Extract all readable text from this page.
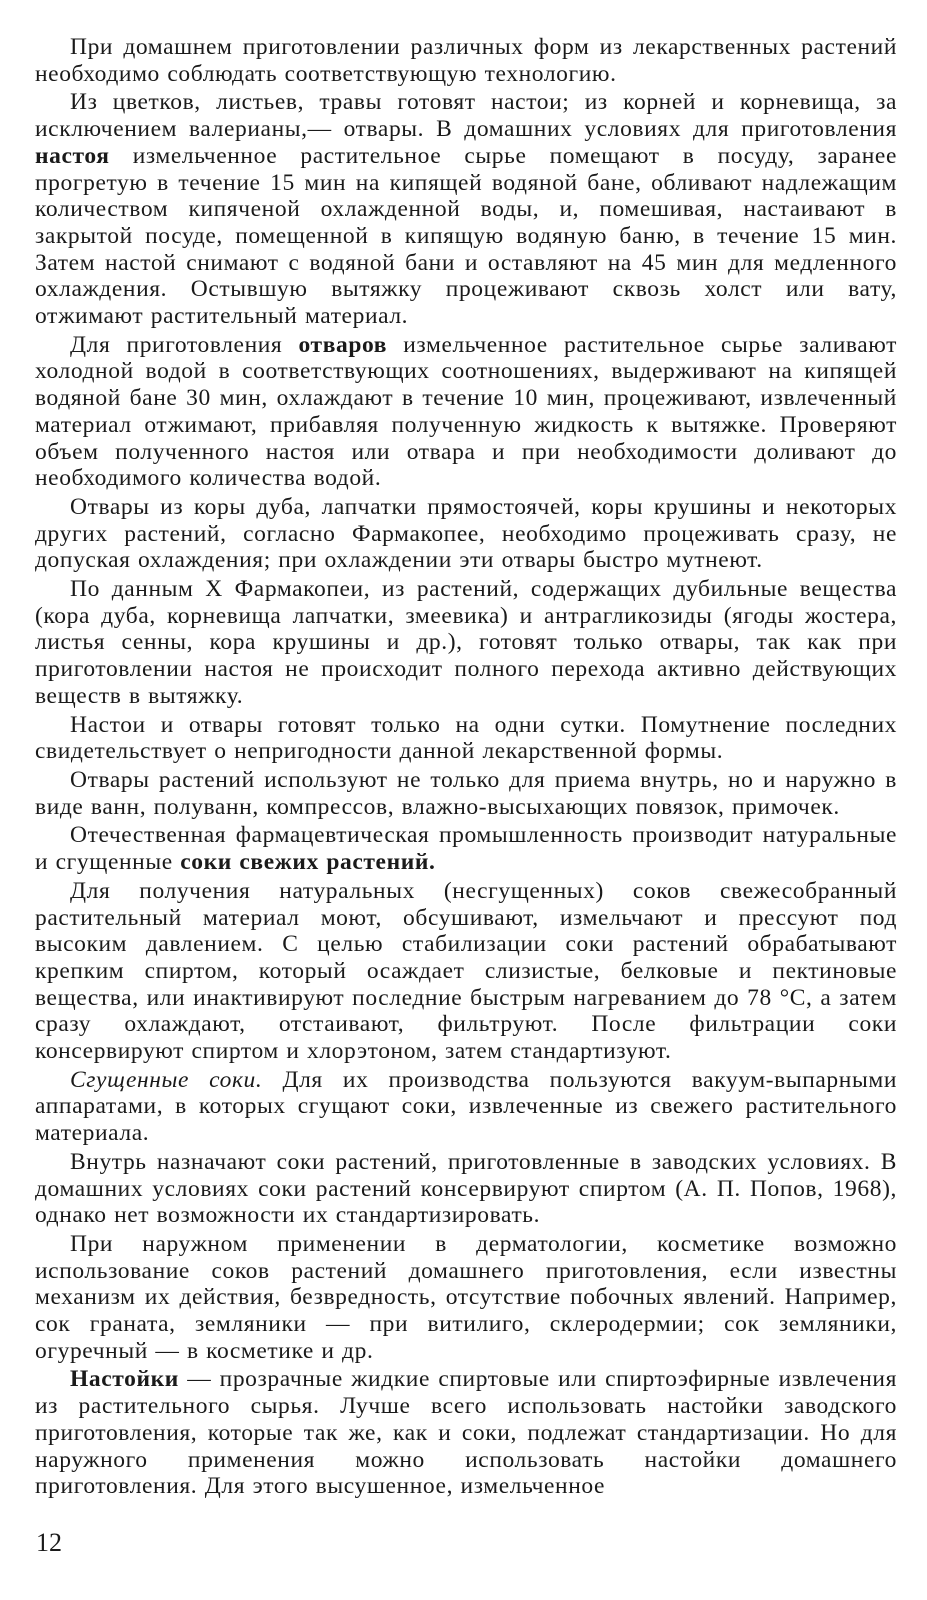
При домашнем приготовлении различных форм из лекарственных растений необходимо соблюдать соответствующую технологию.

Из цветков, листьев, травы готовят настои; из корней и корневища, за исключением валерианы,— отвары. В домашних условиях для приготовления настоя измельченное растительное сырье помещают в посуду, заранее прогретую в течение 15 мин на кипящей водяной бане, обливают надлежащим количеством кипяченой охлажденной воды, и, помешивая, настаивают в закрытой посуде, помещенной в кипящую водяную баню, в течение 15 мин. Затем настой снимают с водяной бани и оставляют на 45 мин для медленного охлаждения. Остывшую вытяжку процеживают сквозь холст или вату, отжимают растительный материал.

Для приготовления отваров измельченное растительное сырье заливают холодной водой в соответствующих соотношениях, выдерживают на кипящей водяной бане 30 мин, охлаждают в течение 10 мин, процеживают, извлеченный материал отжимают, прибавляя полученную жидкость к вытяжке. Проверяют объем полученного настоя или отвара и при необходимости доливают до необходимого количества водой.

Отвары из коры дуба, лапчатки прямостоячей, коры крушины и некоторых других растений, согласно Фармакопее, необходимо процеживать сразу, не допуская охлаждения; при охлаждении эти отвары быстро мутнеют.

По данным X Фармакопеи, из растений, содержащих дубильные вещества (кора дуба, корневища лапчатки, змеевика) и антрагликозиды (ягоды жостера, листья сенны, кора крушины и др.), готовят только отвары, так как при приготовлении настоя не происходит полного перехода активно действующих веществ в вытяжку.

Настои и отвары готовят только на одни сутки. Помутнение последних свидетельствует о непригодности данной лекарственной формы.

Отвары растений используют не только для приема внутрь, но и наружно в виде ванн, полуванн, компрессов, влажно-высыхающих повязок, примочек.

Отечественная фармацевтическая промышленность производит натуральные и сгущенные соки свежих растений.

Для получения натуральных (несгущенных) соков свежесобранный растительный материал моют, обсушивают, измельчают и прессуют под высоким давлением. С целью стабилизации соки растений обрабатывают крепким спиртом, который осаждает слизистые, белковые и пектиновые вещества, или инактивируют последние быстрым нагреванием до 78 °С, а затем сразу охлаждают, отстаивают, фильтруют. После фильтрации соки консервируют спиртом и хлорэтоном, затем стандартизуют.

Сгущенные соки. Для их производства пользуются вакуум-выпарными аппаратами, в которых сгущают соки, извлеченные из свежего растительного материала.

Внутрь назначают соки растений, приготовленные в заводских условиях. В домашних условиях соки растений консервируют спиртом (А. П. Попов, 1968), однако нет возможности их стандартизировать.

При наружном применении в дерматологии, косметике возможно использование соков растений домашнего приготовления, если известны механизм их действия, безвредность, отсутствие побочных явлений. Например, сок граната, земляники — при витилиго, склеродермии; сок земляники, огуречный — в косметике и др.

Настойки — прозрачные жидкие спиртовые или спиртоэфирные извлечения из растительного сырья. Лучше всего использовать настойки заводского приготовления, которые так же, как и соки, подлежат стандартизации. Но для наружного применения можно использовать настойки домашнего приготовления. Для этого высушенное, измельченное

12
